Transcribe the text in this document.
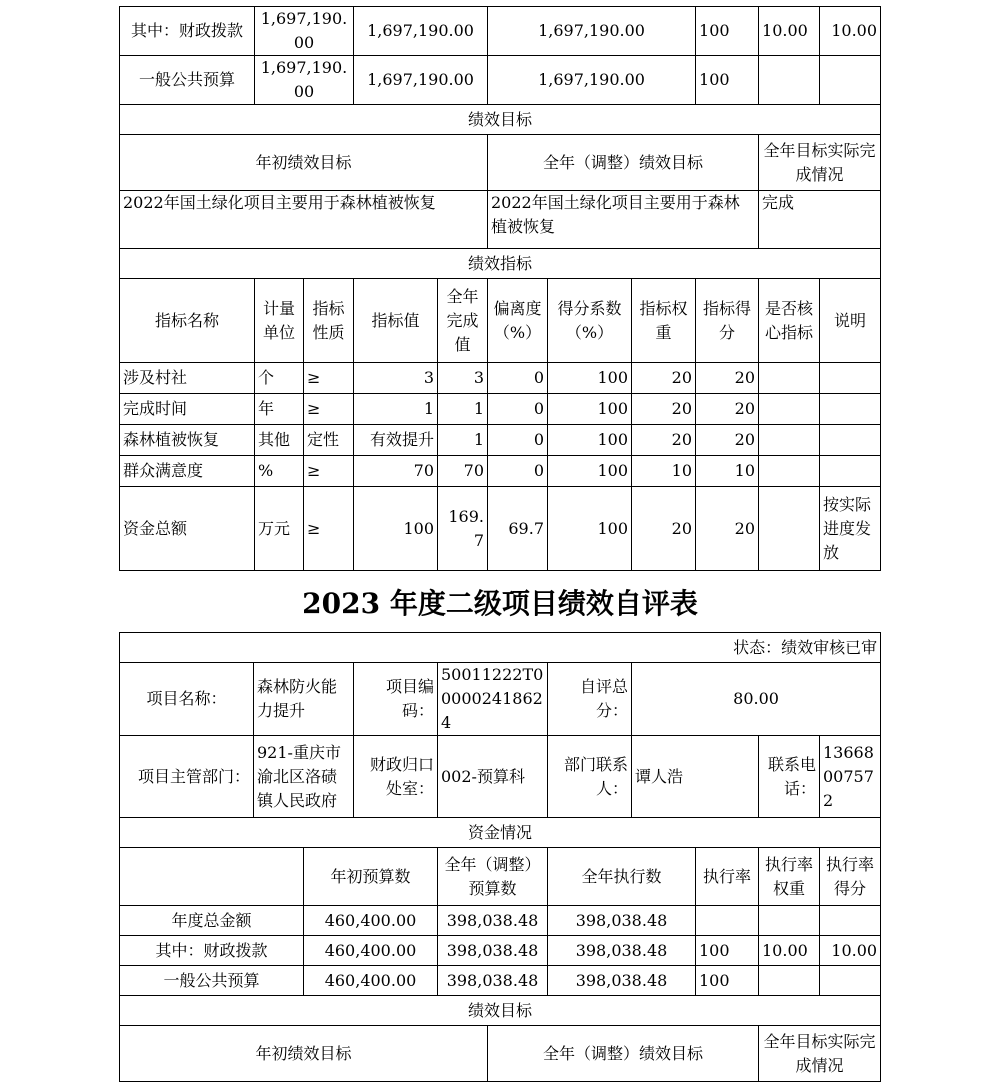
其中：财政拨款	1,697,190.00		1,697,190.00		1,697,190.00			100	10.00	10.00
一般公共预算	1,697,190.00		1,697,190.00		1,697,190.00			100		
绩效目标										
年初绩效目标					全年（调整）绩效目标				全年目标实际完成情况	
2022年国土绿化项目主要用于森林植被恢复					2022年国土绿化项目主要用于森林植被恢复				完成	
绩效指标										
指标名称	计量单位	指标性质	指标值	全年完成值	偏离度（%）	得分系数（%）	指标权重	指标得分	是否核心指标	说明
涉及村社	个	≥	3	3	0	100	20	20		
完成时间	年	≥	1	1	0	100	20	20		
森林植被恢复	其他	定性	有效提升	1	0	100	20	20		
群众满意度	%	≥	70	70	0	100	10	10		
资金总额	万元	≥	100	169.7	69.7	100	20	20		按实际进度发放
2023 年度二级项目绩效自评表
状态：绩效审核已审										
项目名称：	森林防火能力提升		项目编码：	50011222T000002418624		自评总分：	80.00			
项目主管部门：	921-重庆市渝北区洛碛镇人民政府		财政归口处室：	002-预算科		部门联系人：	谭人浩		联系电话：	13668007572
资金情况										
		年初预算数		全年（调整）预算数		全年执行数		执行率	执行率权重	执行率得分
年度总金额		460,400.00		398,038.48		398,038.48				
其中：财政拨款		460,400.00		398,038.48		398,038.48		100	10.00	10.00
一般公共预算		460,400.00		398,038.48		398,038.48		100		
绩效目标										
年初绩效目标					全年（调整）绩效目标				全年目标实际完成情况	
